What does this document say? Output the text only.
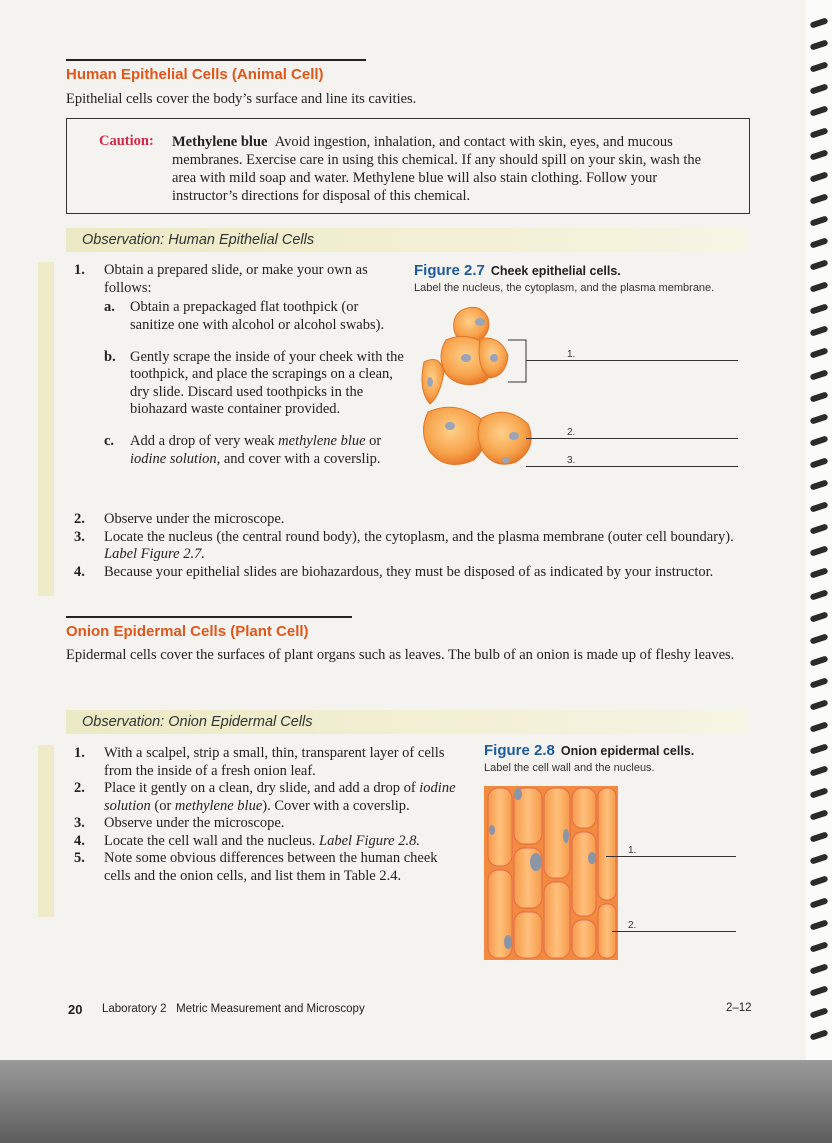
Human Epithelial Cells (Animal Cell)
Epithelial cells cover the body’s surface and line its cavities.
Caution: Methylene blue Avoid ingestion, inhalation, and contact with skin, eyes, and mucous membranes. Exercise care in using this chemical. If any should spill on your skin, wash the area with mild soap and water. Methylene blue will also stain clothing. Follow your instructor’s directions for disposal of this chemical.
Observation: Human Epithelial Cells

1. Obtain a prepared slide, or make your own as follows:

a. Obtain a prepackaged flat toothpick (or sanitize one with alcohol or alcohol swabs).

b. Gently scrape the inside of your cheek with the toothpick, and place the scrapings on a clean, dry slide. Discard used toothpicks in the biohazard waste container provided.

c. Add a drop of very weak methylene blue or iodine solution, and cover with a coverslip.

2. Observe under the microscope.

3. Locate the nucleus (the central round body), the cytoplasm, and the plasma membrane (outer cell boundary). Label Figure 2.7.

4. Because your epithelial slides are biohazardous, they must be disposed of as indicated by your instructor.

Figure 2.7 Cheek epithelial cells.
Label the nucleus, the cytoplasm, and the plasma membrane.
1.
2.
3.
Onion Epidermal Cells (Plant Cell)
Epidermal cells cover the surfaces of plant organs such as leaves. The bulb of an onion is made up of fleshy leaves.
Observation: Onion Epidermal Cells

1. With a scalpel, strip a small, thin, transparent layer of cells from the inside of a fresh onion leaf.

2. Place it gently on a clean, dry slide, and add a drop of iodine solution (or methylene blue). Cover with a coverslip.

3. Observe under the microscope.

4. Locate the cell wall and the nucleus. Label Figure 2.8.

5. Note some obvious differences between the human cheek cells and the onion cells, and list them in Table 2.4.

Figure 2.8 Onion epidermal cells.
Label the cell wall and the nucleus.
1.
2.
20 Laboratory 2   Metric Measurement and Microscopy	2–12
